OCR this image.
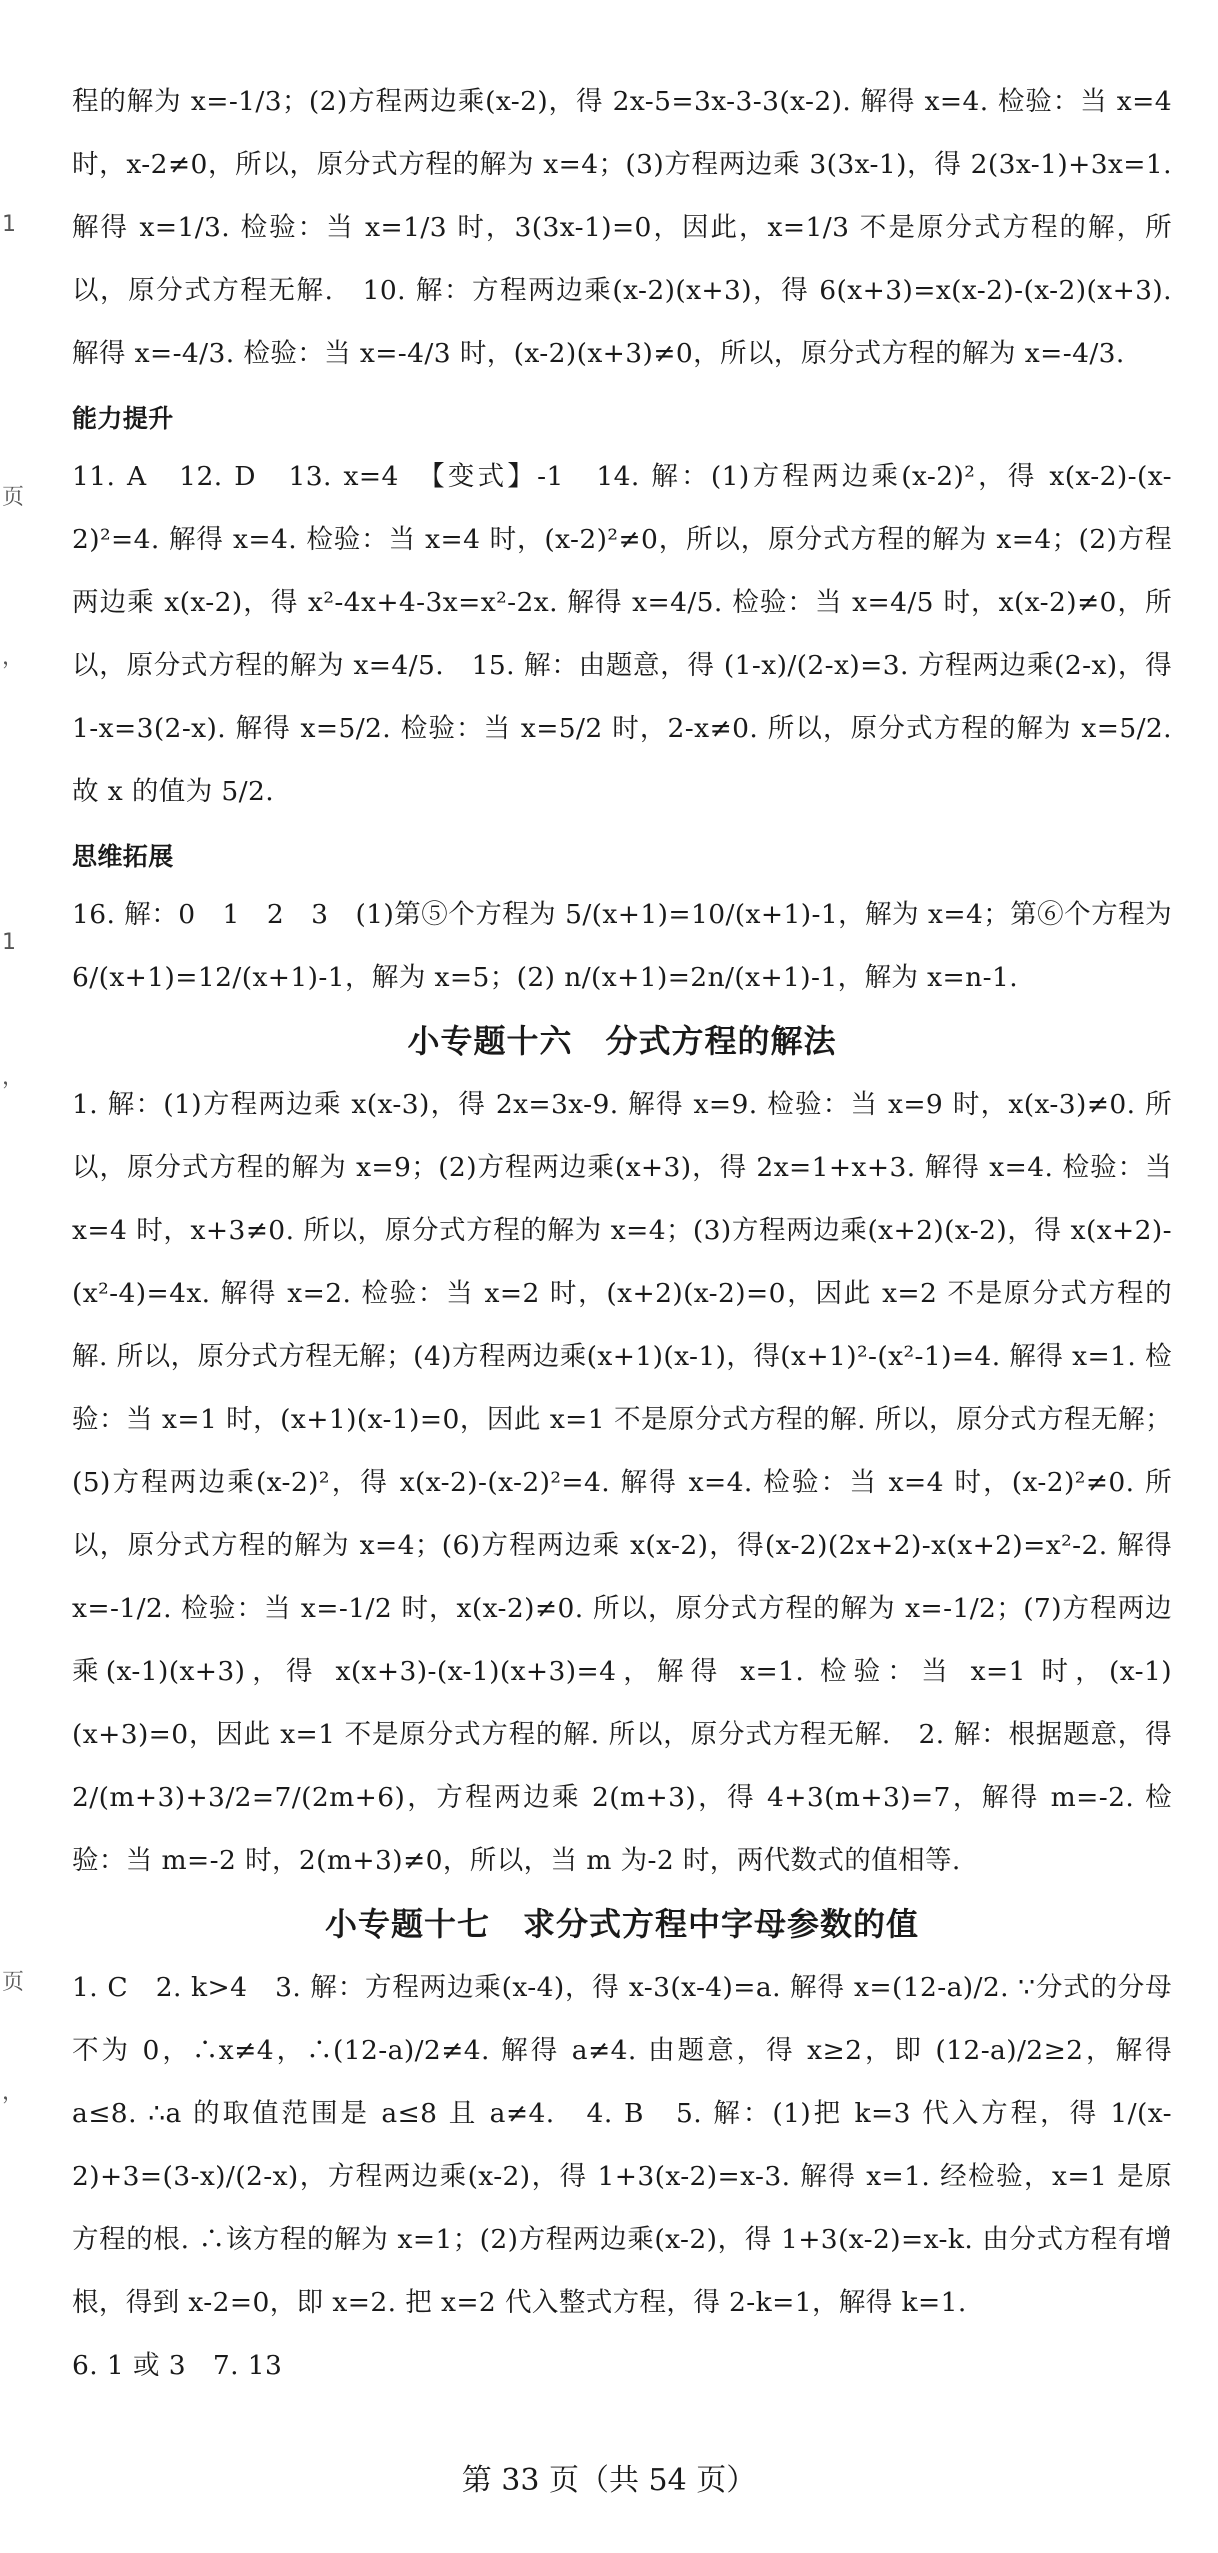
1
页
，
1
，
页
，

程的解为 x=-1/3；(2)方程两边乘(x-2)，得 2x-5=3x-3-3(x-2). 解得 x=4. 检验：当 x=4 时，x-2≠0，所以，原分式方程的解为 x=4；(3)方程两边乘 3(3x-1)，得 2(3x-1)+3x=1. 解得 x=1/3. 检验：当 x=1/3 时，3(3x-1)=0，因此，x=1/3 不是原分式方程的解，所以，原分式方程无解.　10. 解：方程两边乘(x-2)(x+3)，得 6(x+3)=x(x-2)-(x-2)(x+3). 解得 x=-4/3. 检验：当 x=-4/3 时，(x-2)(x+3)≠0，所以，原分式方程的解为 x=-4/3.

能力提升

11. A　12. D　13. x=4　【变式】-1　14. 解：(1)方程两边乘(x-2)²，得 x(x-2)-(x-2)²=4. 解得 x=4. 检验：当 x=4 时，(x-2)²≠0，所以，原分式方程的解为 x=4；(2)方程两边乘 x(x-2)，得 x²-4x+4-3x=x²-2x. 解得 x=4/5. 检验：当 x=4/5 时，x(x-2)≠0，所以，原分式方程的解为 x=4/5.　15. 解：由题意，得 (1-x)/(2-x)=3. 方程两边乘(2-x)，得 1-x=3(2-x). 解得 x=5/2. 检验：当 x=5/2 时，2-x≠0. 所以，原分式方程的解为 x=5/2. 故 x 的值为 5/2.

思维拓展

16. 解：0　1　2　3　(1)第⑤个方程为 5/(x+1)=10/(x+1)-1，解为 x=4；第⑥个方程为 6/(x+1)=12/(x+1)-1，解为 x=5；(2) n/(x+1)=2n/(x+1)-1，解为 x=n-1.

小专题十六　分式方程的解法

1. 解：(1)方程两边乘 x(x-3)，得 2x=3x-9. 解得 x=9. 检验：当 x=9 时，x(x-3)≠0. 所以，原分式方程的解为 x=9；(2)方程两边乘(x+3)，得 2x=1+x+3. 解得 x=4. 检验：当 x=4 时，x+3≠0. 所以，原分式方程的解为 x=4；(3)方程两边乘(x+2)(x-2)，得 x(x+2)-(x²-4)=4x. 解得 x=2. 检验：当 x=2 时，(x+2)(x-2)=0，因此 x=2 不是原分式方程的解. 所以，原分式方程无解；(4)方程两边乘(x+1)(x-1)，得(x+1)²-(x²-1)=4. 解得 x=1. 检验：当 x=1 时，(x+1)(x-1)=0，因此 x=1 不是原分式方程的解. 所以，原分式方程无解；(5)方程两边乘(x-2)²，得 x(x-2)-(x-2)²=4. 解得 x=4. 检验：当 x=4 时，(x-2)²≠0. 所以，原分式方程的解为 x=4；(6)方程两边乘 x(x-2)，得(x-2)(2x+2)-x(x+2)=x²-2. 解得 x=-1/2. 检验：当 x=-1/2 时，x(x-2)≠0. 所以，原分式方程的解为 x=-1/2；(7)方程两边乘(x-1)(x+3)，得 x(x+3)-(x-1)(x+3)=4，解得 x=1. 检验：当 x=1 时，(x-1)(x+3)=0，因此 x=1 不是原分式方程的解. 所以，原分式方程无解.　2. 解：根据题意，得 2/(m+3)+3/2=7/(2m+6)，方程两边乘 2(m+3)，得 4+3(m+3)=7，解得 m=-2. 检验：当 m=-2 时，2(m+3)≠0，所以，当 m 为-2 时，两代数式的值相等.

小专题十七　求分式方程中字母参数的值

1. C　2. k>4　3. 解：方程两边乘(x-4)，得 x-3(x-4)=a. 解得 x=(12-a)/2. ∵分式的分母不为 0，∴x≠4，∴(12-a)/2≠4. 解得 a≠4. 由题意，得 x≥2，即 (12-a)/2≥2，解得 a≤8. ∴a 的取值范围是 a≤8 且 a≠4.　4. B　5. 解：(1)把 k=3 代入方程，得 1/(x-2)+3=(3-x)/(2-x)，方程两边乘(x-2)，得 1+3(x-2)=x-3. 解得 x=1. 经检验，x=1 是原方程的根. ∴该方程的解为 x=1；(2)方程两边乘(x-2)，得 1+3(x-2)=x-k. 由分式方程有增根，得到 x-2=0，即 x=2. 把 x=2 代入整式方程，得 2-k=1，解得 k=1.

6. 1 或 3　7. 13

第 33 页（共 54 页）
